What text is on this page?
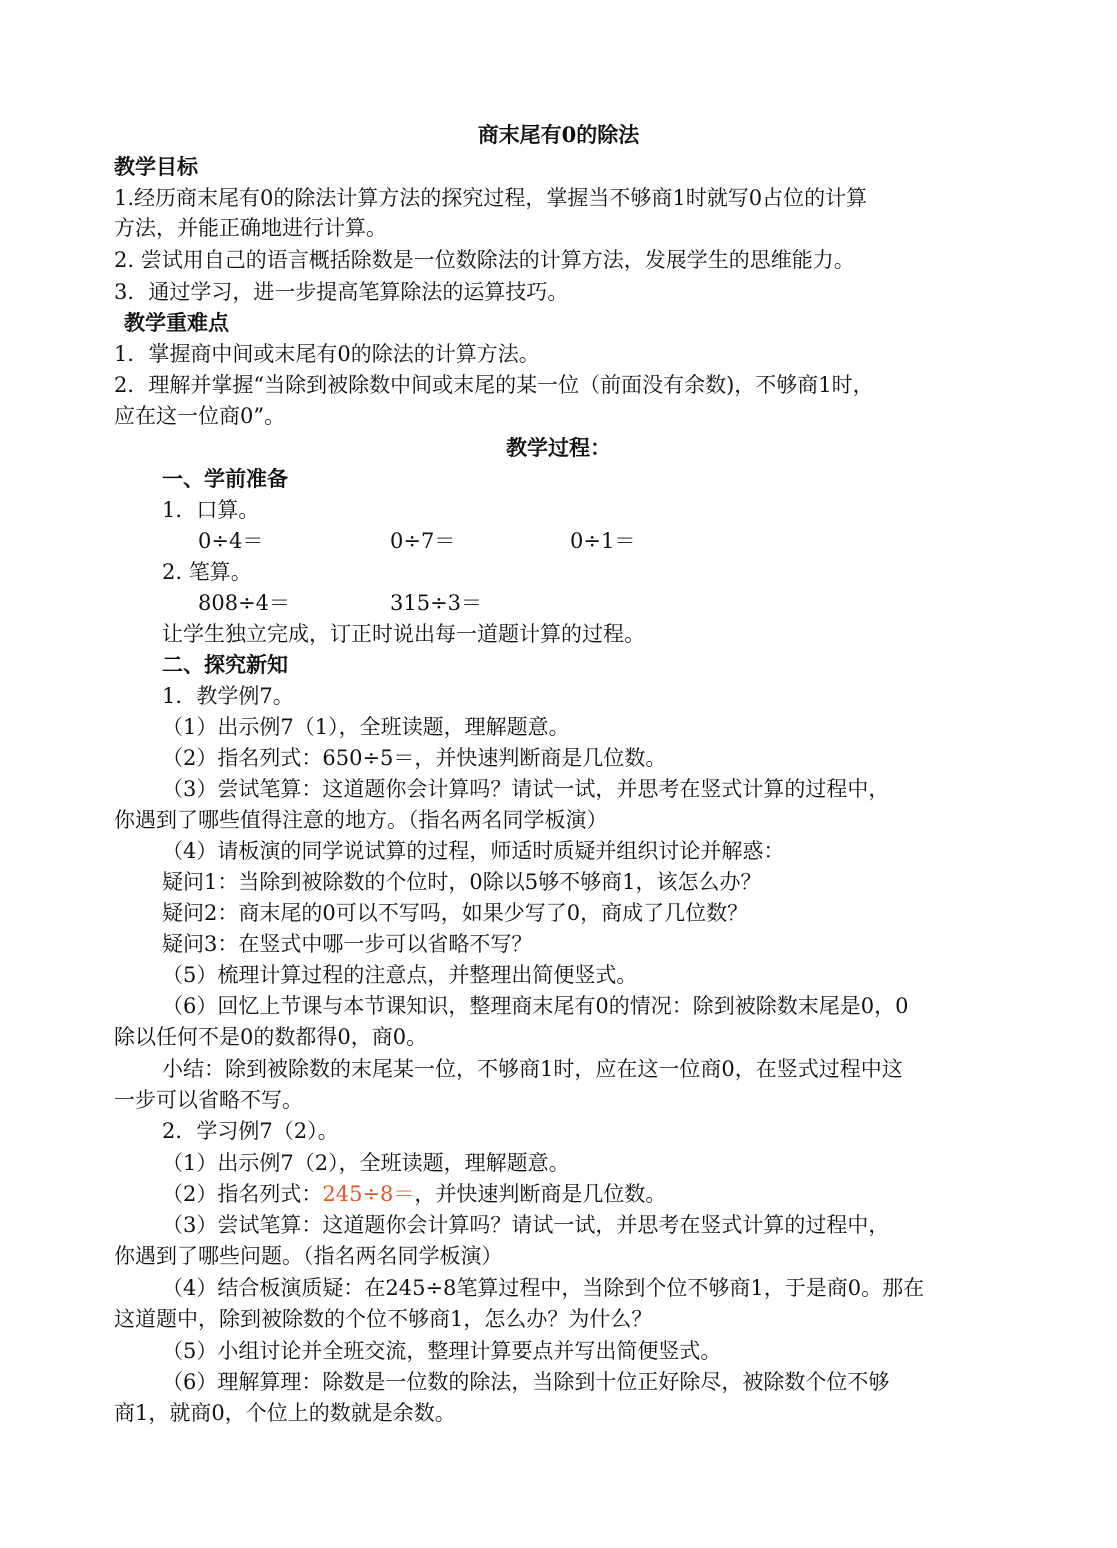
商末尾有0的除法
教学目标
1.经历商末尾有0的除法计算方法的探究过程，掌握当不够商1时就写0占位的计算
方法，并能正确地进行计算。
2. 尝试用自己的语言概括除数是一位数除法的计算方法，发展学生的思维能力。
3．通过学习，进一步提高笔算除法的运算技巧。
教学重难点
1．掌握商中间或末尾有0的除法的计算方法。
2．理解并掌握“当除到被除数中间或末尾的某一位（前面没有余数)，不够商1时，
应在这一位商0”。
教学过程：
一、学前准备
1．口算。
0÷4＝	0÷7＝	0÷1＝
2. 笔算。
808÷4＝	315÷3＝
让学生独立完成，订正时说出每一道题计算的过程。
二、探究新知
1．教学例7。
（1）出示例7（1），全班读题，理解题意。
（2）指名列式：650÷5＝，并快速判断商是几位数。
（3）尝试笔算：这道题你会计算吗？请试一试，并思考在竖式计算的过程中，
你遇到了哪些值得注意的地方。（指名两名同学板演）
（4）请板演的同学说试算的过程，师适时质疑并组织讨论并解惑：
疑问1：当除到被除数的个位时，0除以5够不够商1，该怎么办？
疑问2：商末尾的0可以不写吗，如果少写了0，商成了几位数？
疑问3：在竖式中哪一步可以省略不写？
（5）梳理计算过程的注意点，并整理出简便竖式。
（6）回忆上节课与本节课知识，整理商末尾有0的情况：除到被除数末尾是0，0
除以任何不是0的数都得0，商0。
小结：除到被除数的末尾某一位，不够商1时，应在这一位商0，在竖式过程中这
一步可以省略不写。
2．学习例7（2）。
（1）出示例7（2），全班读题，理解题意。
（2）指名列式：245÷8＝，并快速判断商是几位数。
（3）尝试笔算：这道题你会计算吗？请试一试，并思考在竖式计算的过程中，
你遇到了哪些问题。（指名两名同学板演）
（4）结合板演质疑：在245÷8笔算过程中，当除到个位不够商1，于是商0。那在
这道题中，除到被除数的个位不够商1，怎么办？为什么？
（5）小组讨论并全班交流，整理计算要点并写出简便竖式。
（6）理解算理：除数是一位数的除法，当除到十位正好除尽，被除数个位不够
商1，就商0，个位上的数就是余数。
